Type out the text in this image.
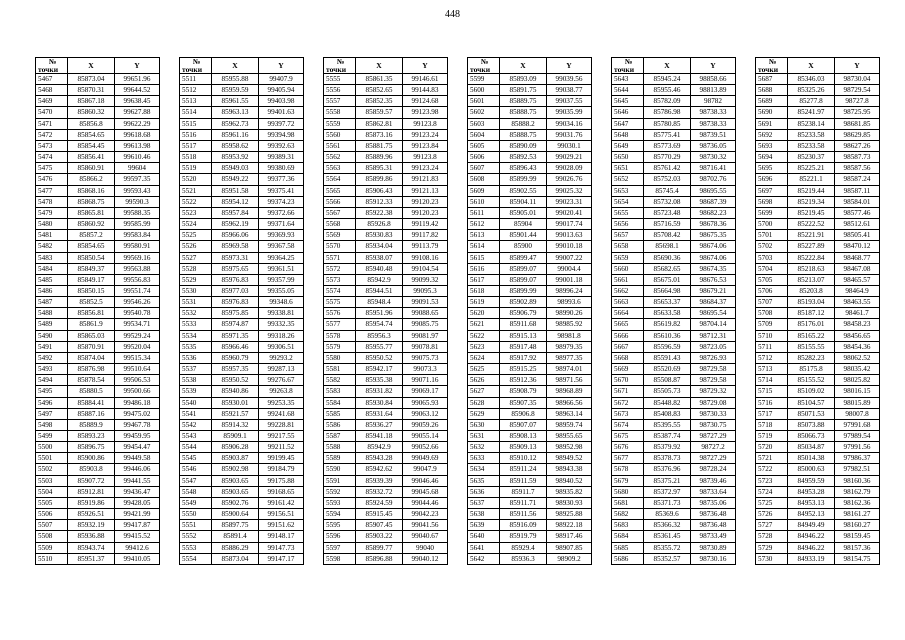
448
№
точки	X	Y
5467	85873.04	99651.96
5468	85870.31	99644.52
5469	85867.18	99638.45
5470	85860.32	99627.88
5471	85856.8	99622.29
5472	85854.65	99618.68
5473	85854.45	99613.98
5474	85856.41	99610.46
5475	85860.91	99604
5476	85866.2	99597.35
5477	85868.16	99593.43
5478	85868.75	99590.3
5479	85865.81	99588.35
5480	85860.92	99585.99
5481	85857.2	99583.84
5482	85854.65	99580.91
5483	85850.54	99569.16
5484	85849.37	99563.88
5485	85849.17	99556.83
5486	85850.15	99551.74
5487	85852.5	99546.26
5488	85856.81	99540.78
5489	85861.9	99534.71
5490	85865.03	99529.24
5491	85870.91	99520.04
5492	85874.04	99515.34
5493	85876.98	99510.64
5494	85878.54	99506.53
5495	85880.5	99500.66
5496	85884.41	99486.18
5497	85887.16	99475.02
5498	85889.9	99467.78
5499	85893.23	99459.95
5500	85896.75	99454.47
5501	85900.86	99449.58
5502	85903.8	99446.06
5503	85907.72	99441.55
5504	85912.81	99436.47
5505	85919.86	99428.05
5506	85926.51	99421.99
5507	85932.19	99417.87
5508	85936.88	99415.52
5509	85943.74	99412.6
5510	85951.37	99410.05
№
точки	X	Y
5511	85955.88	99407.9
5512	85959.59	99405.94
5513	85961.55	99403.98
5514	85963.13	99401.63
5515	85962.73	99397.72
5516	85961.16	99394.98
5517	85958.62	99392.63
5518	85953.92	99389.31
5519	85949.03	99380.69
5520	85949.22	99377.36
5521	85951.58	99375.41
5522	85954.12	99374.23
5523	85957.84	99372.66
5524	85962.19	99371.64
5525	85966.06	99369.93
5526	85969.58	99367.58
5527	85973.31	99364.25
5528	85975.65	99361.51
5529	85976.83	99357.99
5530	85977.03	99355.05
5531	85976.83	99348.6
5532	85975.85	99338.81
5533	85974.87	99332.35
5534	85971.35	99318.26
5535	85966.46	99306.51
5536	85960.79	99293.2
5537	85957.35	99287.13
5538	85950.52	99276.67
5539	85940.86	99263.8
5540	85930.01	99253.35
5541	85921.57	99241.68
5542	85914.32	99228.81
5543	85909.1	99217.55
5544	85906.28	99211.52
5545	85903.87	99199.45
5546	85902.98	99184.79
5547	85903.65	99175.88
5548	85903.65	99168.65
5549	85902.76	99161.42
5550	85900.64	99156.51
5551	85897.75	99151.62
5552	85891.4	99148.17
5553	85886.29	99147.73
5554	85873.04	99147.17
№
точки	X	Y
5555	85861.35	99146.61
5556	85852.65	99144.83
5557	85852.35	99124.68
5558	85859.57	99123.98
5559	85862.81	99123.8
5560	85873.16	99123.24
5561	85881.75	99123.84
5562	85889.96	99123.8
5563	85895.31	99123.24
5564	85899.86	99121.83
5565	85906.43	99121.13
5566	85912.33	99120.23
5567	85922.38	99120.23
5568	85926.8	99119.42
5569	85930.83	99117.82
5570	85934.04	99113.79
5571	85938.07	99108.16
5572	85940.48	99104.54
5573	85942.9	99099.32
5574	85944.51	99095.3
5575	85948.4	99091.53
5576	85951.96	99088.65
5577	85954.74	99085.75
5578	85956.3	99081.97
5579	85955.77	99078.81
5580	85950.52	99075.73
5581	85942.17	99073.3
5582	85935.38	99071.16
5583	85931.82	99069.17
5584	85930.84	99065.93
5585	85931.64	99063.12
5586	85936.27	99059.26
5587	85941.18	99055.14
5588	85942.9	99052.66
5589	85943.28	99049.69
5590	85942.62	99047.9
5591	85939.39	99046.46
5592	85932.72	99045.68
5593	85924.59	99044.46
5594	85915.45	99042.23
5595	85907.45	99041.56
5596	85903.22	99040.67
5597	85899.77	99040
5598	85896.88	99040.12
№
точки	X	Y
5599	85893.09	99039.56
5600	85891.75	99038.77
5601	85889.75	99037.55
5602	85888.75	99035.99
5603	85888.2	99034.16
5604	85888.75	99031.76
5605	85890.09	99030.1
5606	85892.53	99029.21
5607	85896.43	99028.09
5608	85899.99	99026.76
5609	85902.55	99025.32
5610	85904.11	99023.31
5611	85905.01	99020.41
5612	85904	99017.74
5613	85901.44	99013.63
5614	85900	99010.18
5615	85899.47	99007.22
5616	85899.07	99004.4
5617	85899.07	99001.18
5618	85899.99	98996.24
5619	85902.89	98993.6
5620	85906.79	98990.26
5621	85911.68	98985.92
5622	85915.13	98981.8
5623	85917.48	98979.35
5624	85917.92	98977.35
5625	85915.25	98974.01
5626	85912.36	98971.56
5627	85908.79	98968.89
5628	85907.35	98966.56
5629	85906.8	98963.14
5630	85907.07	98959.74
5631	85908.13	98955.65
5632	85909.13	98952.98
5633	85910.12	98949.52
5634	85911.24	98943.38
5635	85911.59	98940.52
5636	85911.7	98935.82
5637	85911.71	98930.93
5638	85911.56	98925.88
5639	85916.09	98922.18
5640	85919.79	98917.46
5641	85929.4	98907.85
5642	85936.3	98909.2
№
точки	X	Y
5643	85945.24	98858.66
5644	85955.46	98813.89
5645	85782.09	98782
5646	85786.98	98738.33
5647	85780.85	98738.33
5648	85775.41	98739.51
5649	85773.69	98736.05
5650	85770.29	98730.32
5651	85761.42	98716.41
5652	85752.03	98702.76
5653	85745.4	98695.55
5654	85732.08	98687.39
5655	85723.48	98682.23
5656	85716.59	98678.36
5657	85708.42	98675.35
5658	85698.1	98674.06
5659	85690.36	98674.06
5660	85682.65	98674.35
5661	85675.01	98676.53
5662	85664.98	98679.21
5663	85653.37	98684.37
5664	85633.58	98695.54
5665	85619.82	98704.14
5666	85610.36	98712.31
5667	85596.59	98723.05
5668	85591.43	98726.93
5669	85520.69	98729.58
5670	85508.87	98729.58
5671	85505.73	98729.32
5672	85448.82	98729.08
5673	85408.83	98730.33
5674	85395.55	98730.75
5675	85387.74	98727.29
5676	85379.92	98727.2
5677	85378.73	98727.29
5678	85376.96	98728.24
5679	85375.21	98739.46
5680	85372.97	98733.64
5681	85371.73	98735.06
5682	85369.6	98736.48
5683	85366.32	98736.48
5684	85361.45	98733.49
5685	85355.72	98730.89
5686	85352.57	98730.16
№
точки	X	Y
5687	85346.03	98730.04
5688	85325.26	98729.54
5689	85277.8	98727.8
5690	85241.97	98725.95
5691	85238.14	98681.85
5692	85233.58	98629.85
5693	85233.58	98627.26
5694	85230.37	98587.73
5695	85225.21	98587.56
5696	85221.1	98587.24
5697	85219.44	98587.11
5698	85219.34	98584.01
5699	85219.45	98577.46
5700	85222.52	98512.61
5701	85221.91	98505.41
5702	85227.89	98470.12
5703	85222.84	98468.77
5704	85218.63	98467.08
5705	85213.07	98465.57
5706	85203.8	98464.9
5707	85193.04	98463.55
5708	85187.12	98461.7
5709	85176.01	98458.23
5710	85165.22	98456.65
5711	85155.55	98454.36
5712	85282.23	98062.52
5713	85175.8	98035.42
5714	85155.52	98025.82
5715	85109.02	98016.15
5716	85104.57	98015.89
5717	85071.53	98007.8
5718	85073.88	97991.68
5719	85066.73	97989.54
5720	85034.87	97991.56
5721	85014.38	97986.37
5722	85000.63	97982.51
5723	84959.59	98160.36
5724	84953.28	98162.79
5725	84953.13	98162.36
5726	84952.13	98161.27
5727	84949.49	98160.27
5728	84946.22	98159.45
5729	84946.22	98157.36
5730	84933.19	98154.75
